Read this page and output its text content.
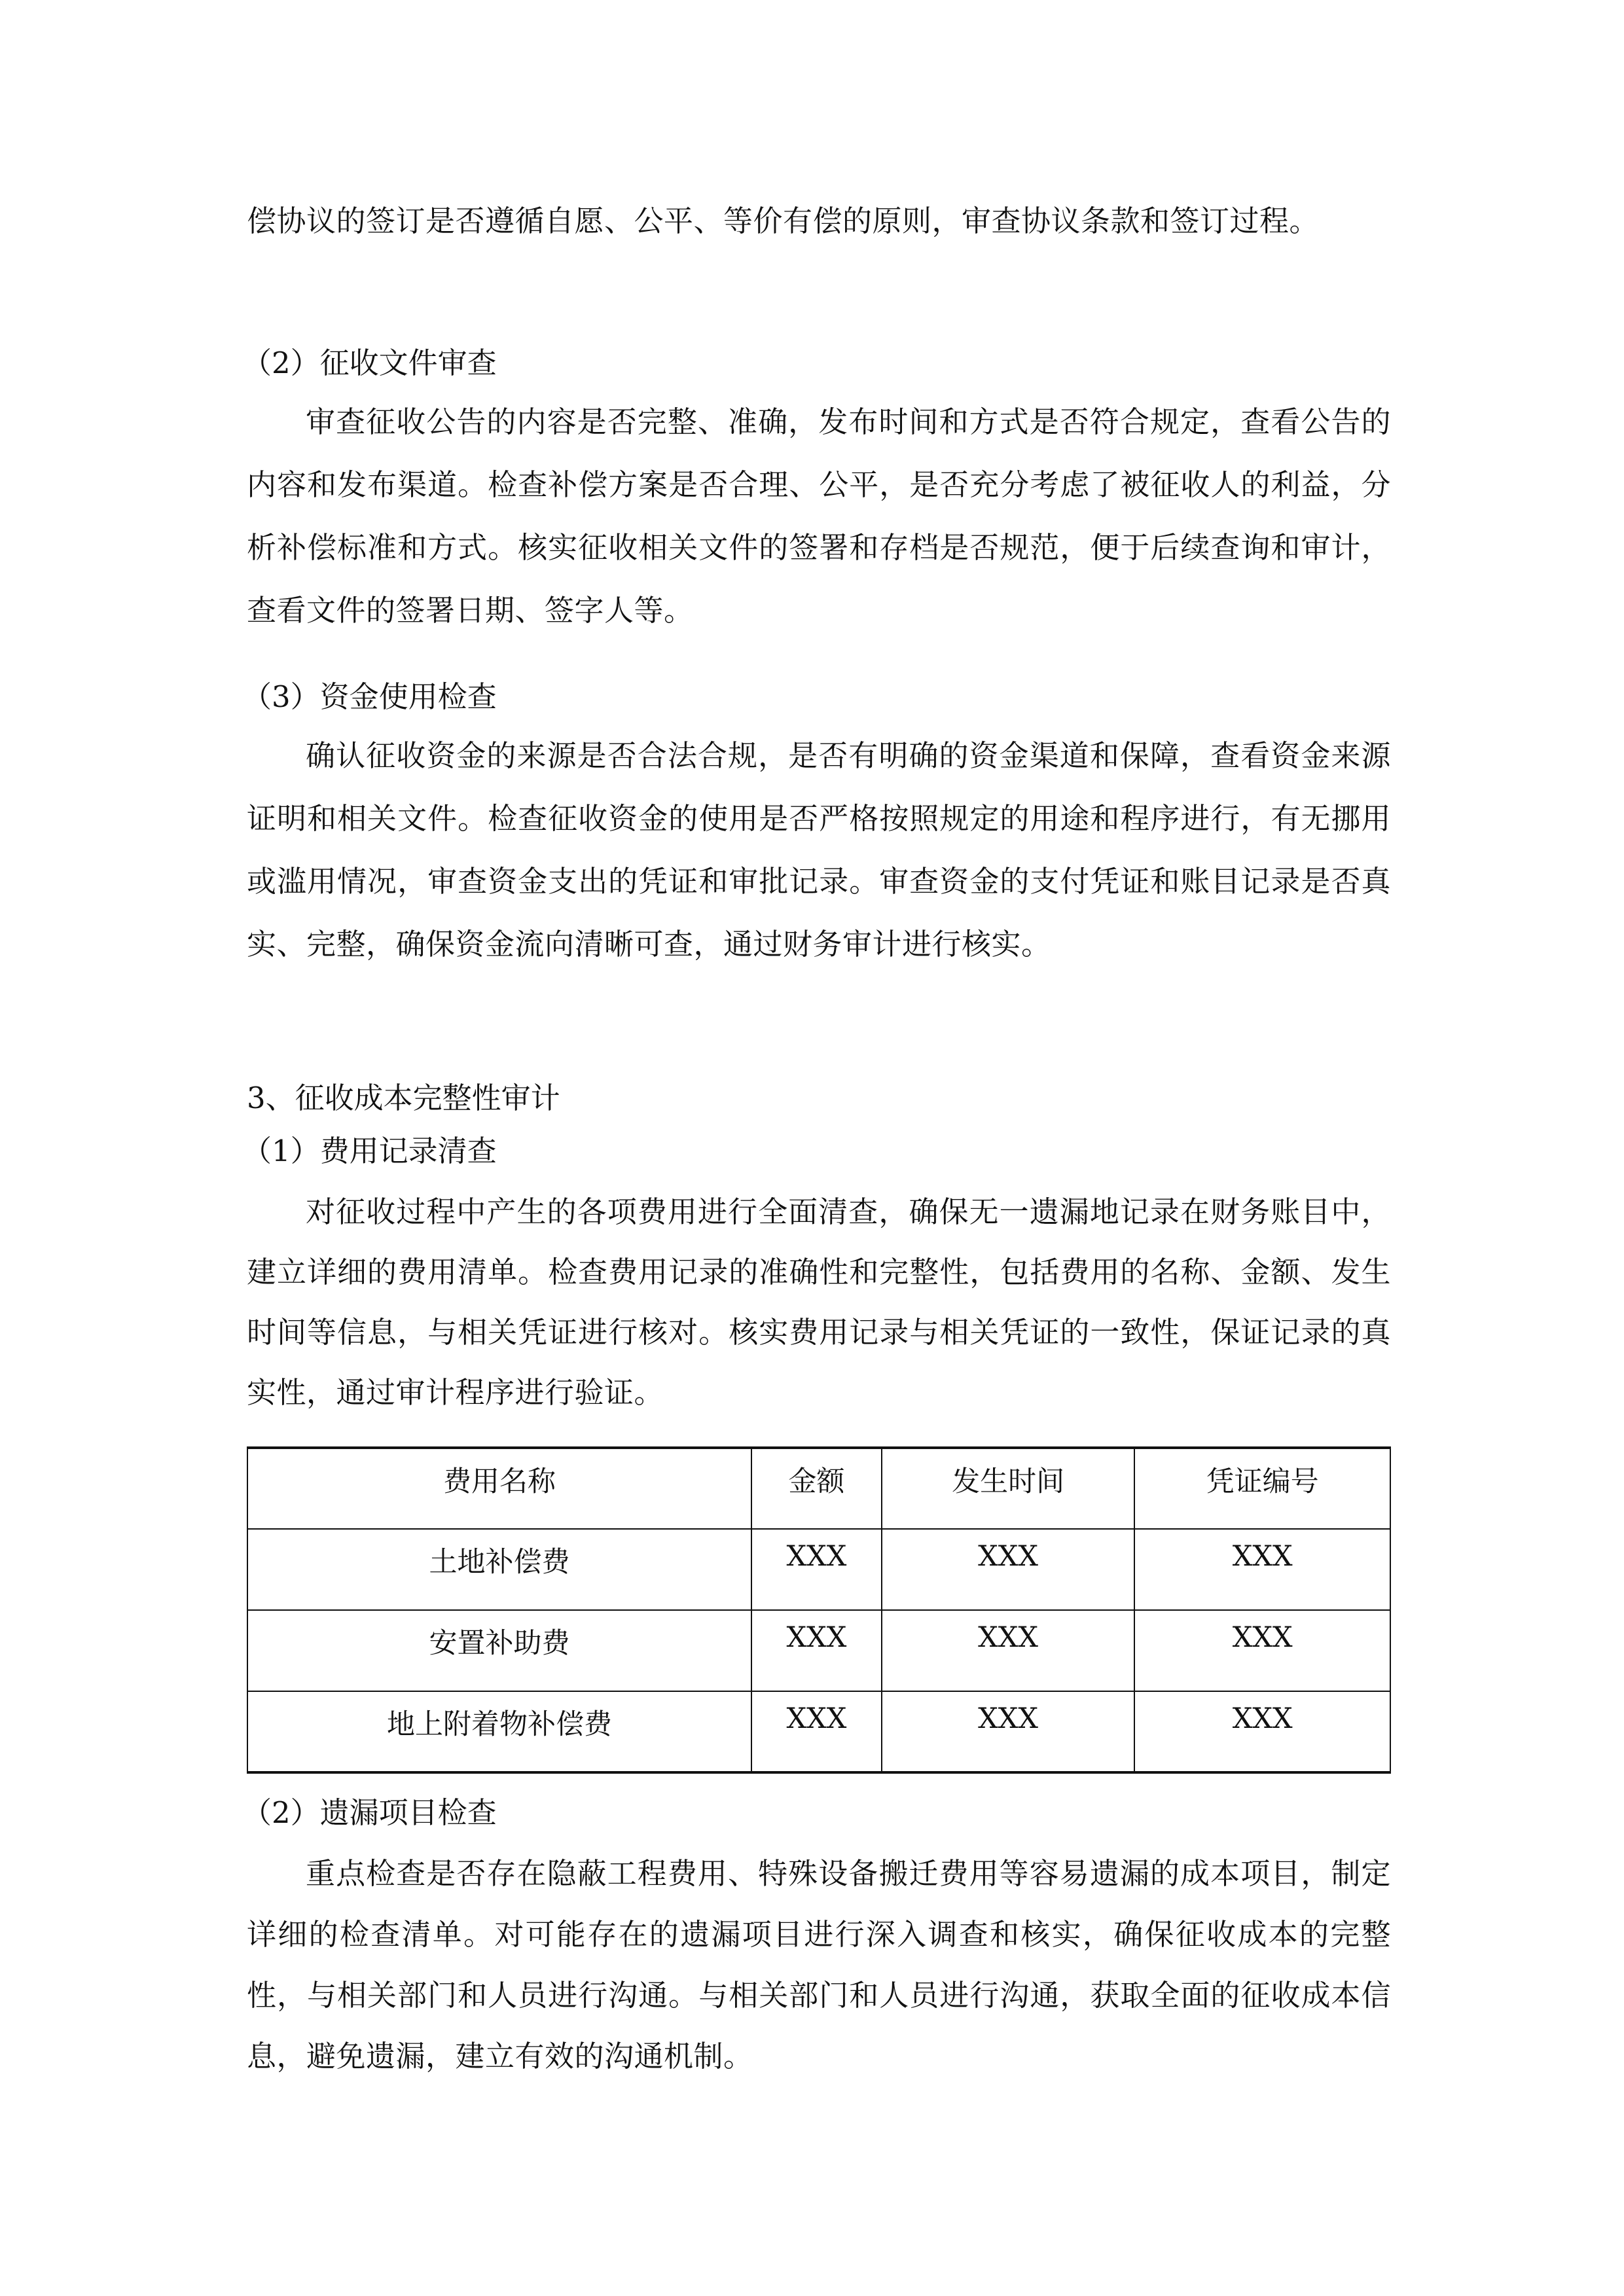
偿协议的签订是否遵循自愿、公平、等价有偿的原则，审查协议条款和签订过程。

（2）征收文件审查

审查征收公告的内容是否完整、准确，发布时间和方式是否符合规定，查看公告的内容和发布渠道。检查补偿方案是否合理、公平，是否充分考虑了被征收人的利益，分析补偿标准和方式。核实征收相关文件的签署和存档是否规范，便于后续查询和审计，查看文件的签署日期、签字人等。

（3）资金使用检查

确认征收资金的来源是否合法合规，是否有明确的资金渠道和保障，查看资金来源证明和相关文件。检查征收资金的使用是否严格按照规定的用途和程序进行，有无挪用或滥用情况，审查资金支出的凭证和审批记录。审查资金的支付凭证和账目记录是否真实、完整，确保资金流向清晰可查，通过财务审计进行核实。

3、征收成本完整性审计

（1）费用记录清查

对征收过程中产生的各项费用进行全面清查，确保无一遗漏地记录在财务账目中，建立详细的费用清单。检查费用记录的准确性和完整性，包括费用的名称、金额、发生时间等信息，与相关凭证进行核对。核实费用记录与相关凭证的一致性，保证记录的真实性，通过审计程序进行验证。

费用名称	金额	发生时间	凭证编号
土地补偿费	XXX	XXX	XXX
安置补助费	XXX	XXX	XXX
地上附着物补偿费	XXX	XXX	XXX

（2）遗漏项目检查

重点检查是否存在隐蔽工程费用、特殊设备搬迁费用等容易遗漏的成本项目，制定详细的检查清单。对可能存在的遗漏项目进行深入调查和核实，确保征收成本的完整性，与相关部门和人员进行沟通。与相关部门和人员进行沟通，获取全面的征收成本信息，避免遗漏，建立有效的沟通机制。
